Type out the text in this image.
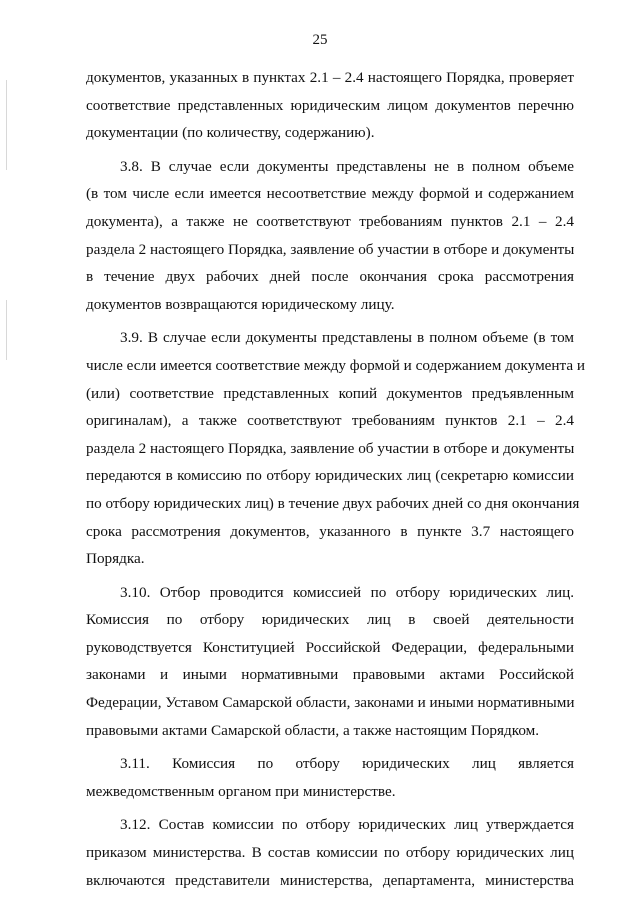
25

документов, указанных в пунктах 2.1 – 2.4 настоящего Порядка, проверяет
соответствие представленных юридическим лицом документов перечню
документации (по количеству, содержанию).

3.8. В случае если документы представлены не в полном объеме
(в том числе если имеется несоответствие между формой и содержанием
документа), а также не соответствуют требованиям пунктов 2.1 – 2.4
раздела 2 настоящего Порядка, заявление об участии в отборе и документы
в течение двух рабочих дней после окончания срока рассмотрения
документов возвращаются юридическому лицу.

3.9. В случае если документы представлены в полном объеме (в том
числе если имеется соответствие между формой и содержанием документа и
(или) соответствие представленных копий документов предъявленным
оригиналам), а также соответствуют требованиям пунктов 2.1 – 2.4
раздела 2 настоящего Порядка, заявление об участии в отборе и документы
передаются в комиссию по отбору юридических лиц (секретарю комиссии
по отбору юридических лиц) в течение двух рабочих дней со дня окончания
срока рассмотрения документов, указанного в пункте 3.7 настоящего
Порядка.

3.10. Отбор проводится комиссией по отбору юридических лиц.
Комиссия по отбору юридических лиц в своей деятельности
руководствуется Конституцией Российской Федерации, федеральными
законами и иными нормативными правовыми актами Российской
Федерации, Уставом Самарской области, законами и иными нормативными
правовыми актами Самарской области, а также настоящим Порядком.

3.11. Комиссия по отбору юридических лиц является
межведомственным органом при министерстве.

3.12. Состав комиссии по отбору юридических лиц утверждается
приказом министерства. В состав комиссии по отбору юридических лиц
включаются представители министерства, департамента, министерства
